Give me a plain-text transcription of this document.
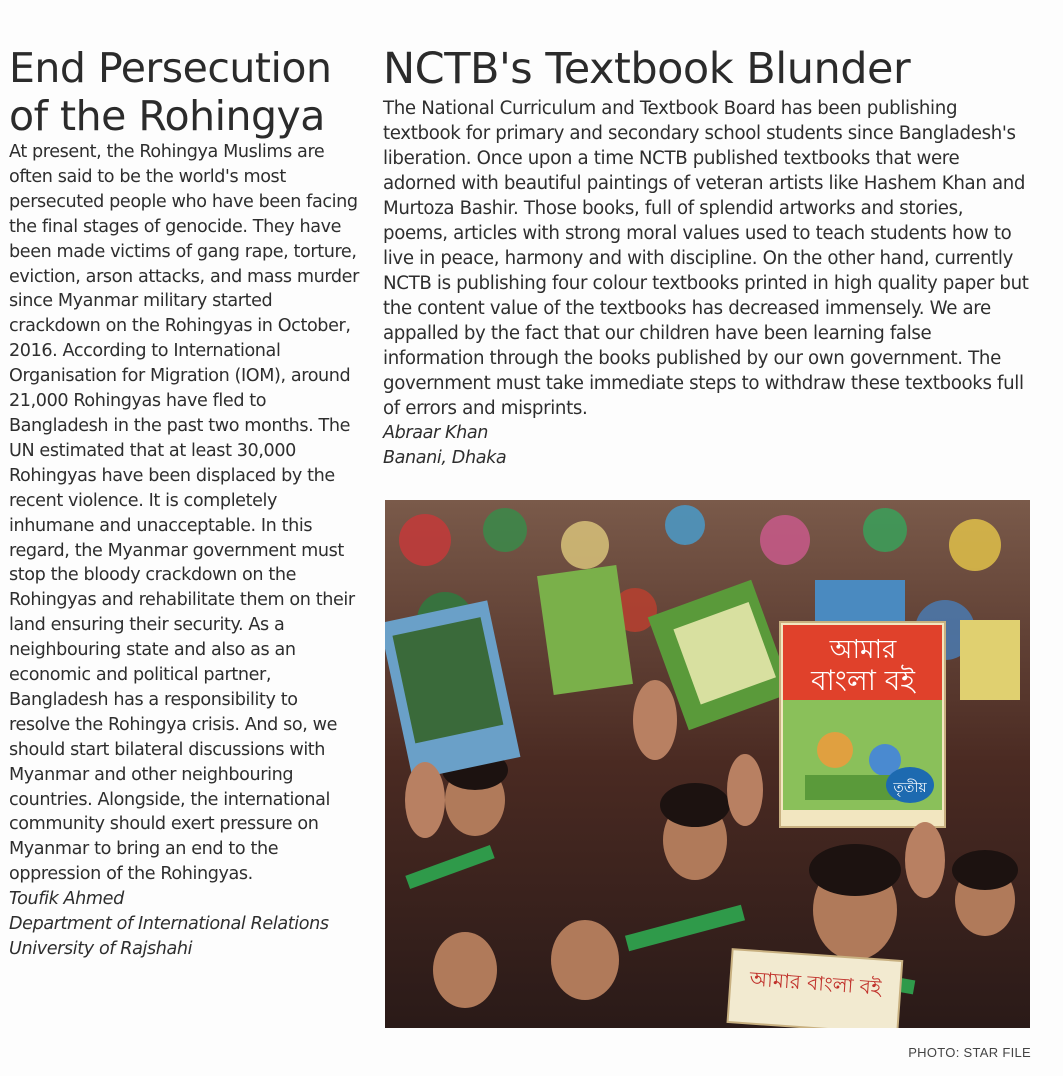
End Persecution
of the Rohingya

At present, the Rohingya Muslims are often said to be the world's most persecuted people who have been facing the final stages of genocide. They have been made victims of gang rape, torture, eviction, arson attacks, and mass murder since Myanmar military started crackdown on the Rohingyas in October, 2016. According to International Organisation for Migration (IOM), around 21,000 Rohingyas have fled to Bangladesh in the past two months. The UN estimated that at least 30,000 Rohingyas have been displaced by the recent violence. It is completely inhumane and unacceptable. In this regard, the Myanmar government must stop the bloody crackdown on the Rohingyas and rehabilitate them on their land ensuring their security. As a neighbouring state and also as an economic and political partner, Bangladesh has a responsibility to resolve the Rohingya crisis. And so, we should start bilateral discussions with Myanmar and other neighbouring countries. Alongside, the international community should exert pressure on Myanmar to bring an end to the oppression of the Rohingyas.

Toufik Ahmed

Department of International Relations

University of Rajshahi

NCTB's Textbook Blunder

The National Curriculum and Textbook Board has been publishing textbook for primary and secondary school students since Bangladesh's liberation. Once upon a time NCTB published textbooks that were adorned with beautiful paintings of veteran artists like Hashem Khan and Murtoza Bashir. Those books, full of splendid artworks and stories, poems, articles with strong moral values used to teach students how to live in peace, harmony and with discipline. On the other hand, currently NCTB is publishing four colour textbooks printed in high quality paper but the content value of the textbooks has decreased immensely. We are appalled by the fact that our children have been learning false information through the books published by our own government. The government must take immediate steps to withdraw these textbooks full of errors and misprints.

Abraar Khan

Banani, Dhaka

আমার
বাংলা বই
তৃতীয়
আমার বাংলা বই
PHOTO: STAR FILE
